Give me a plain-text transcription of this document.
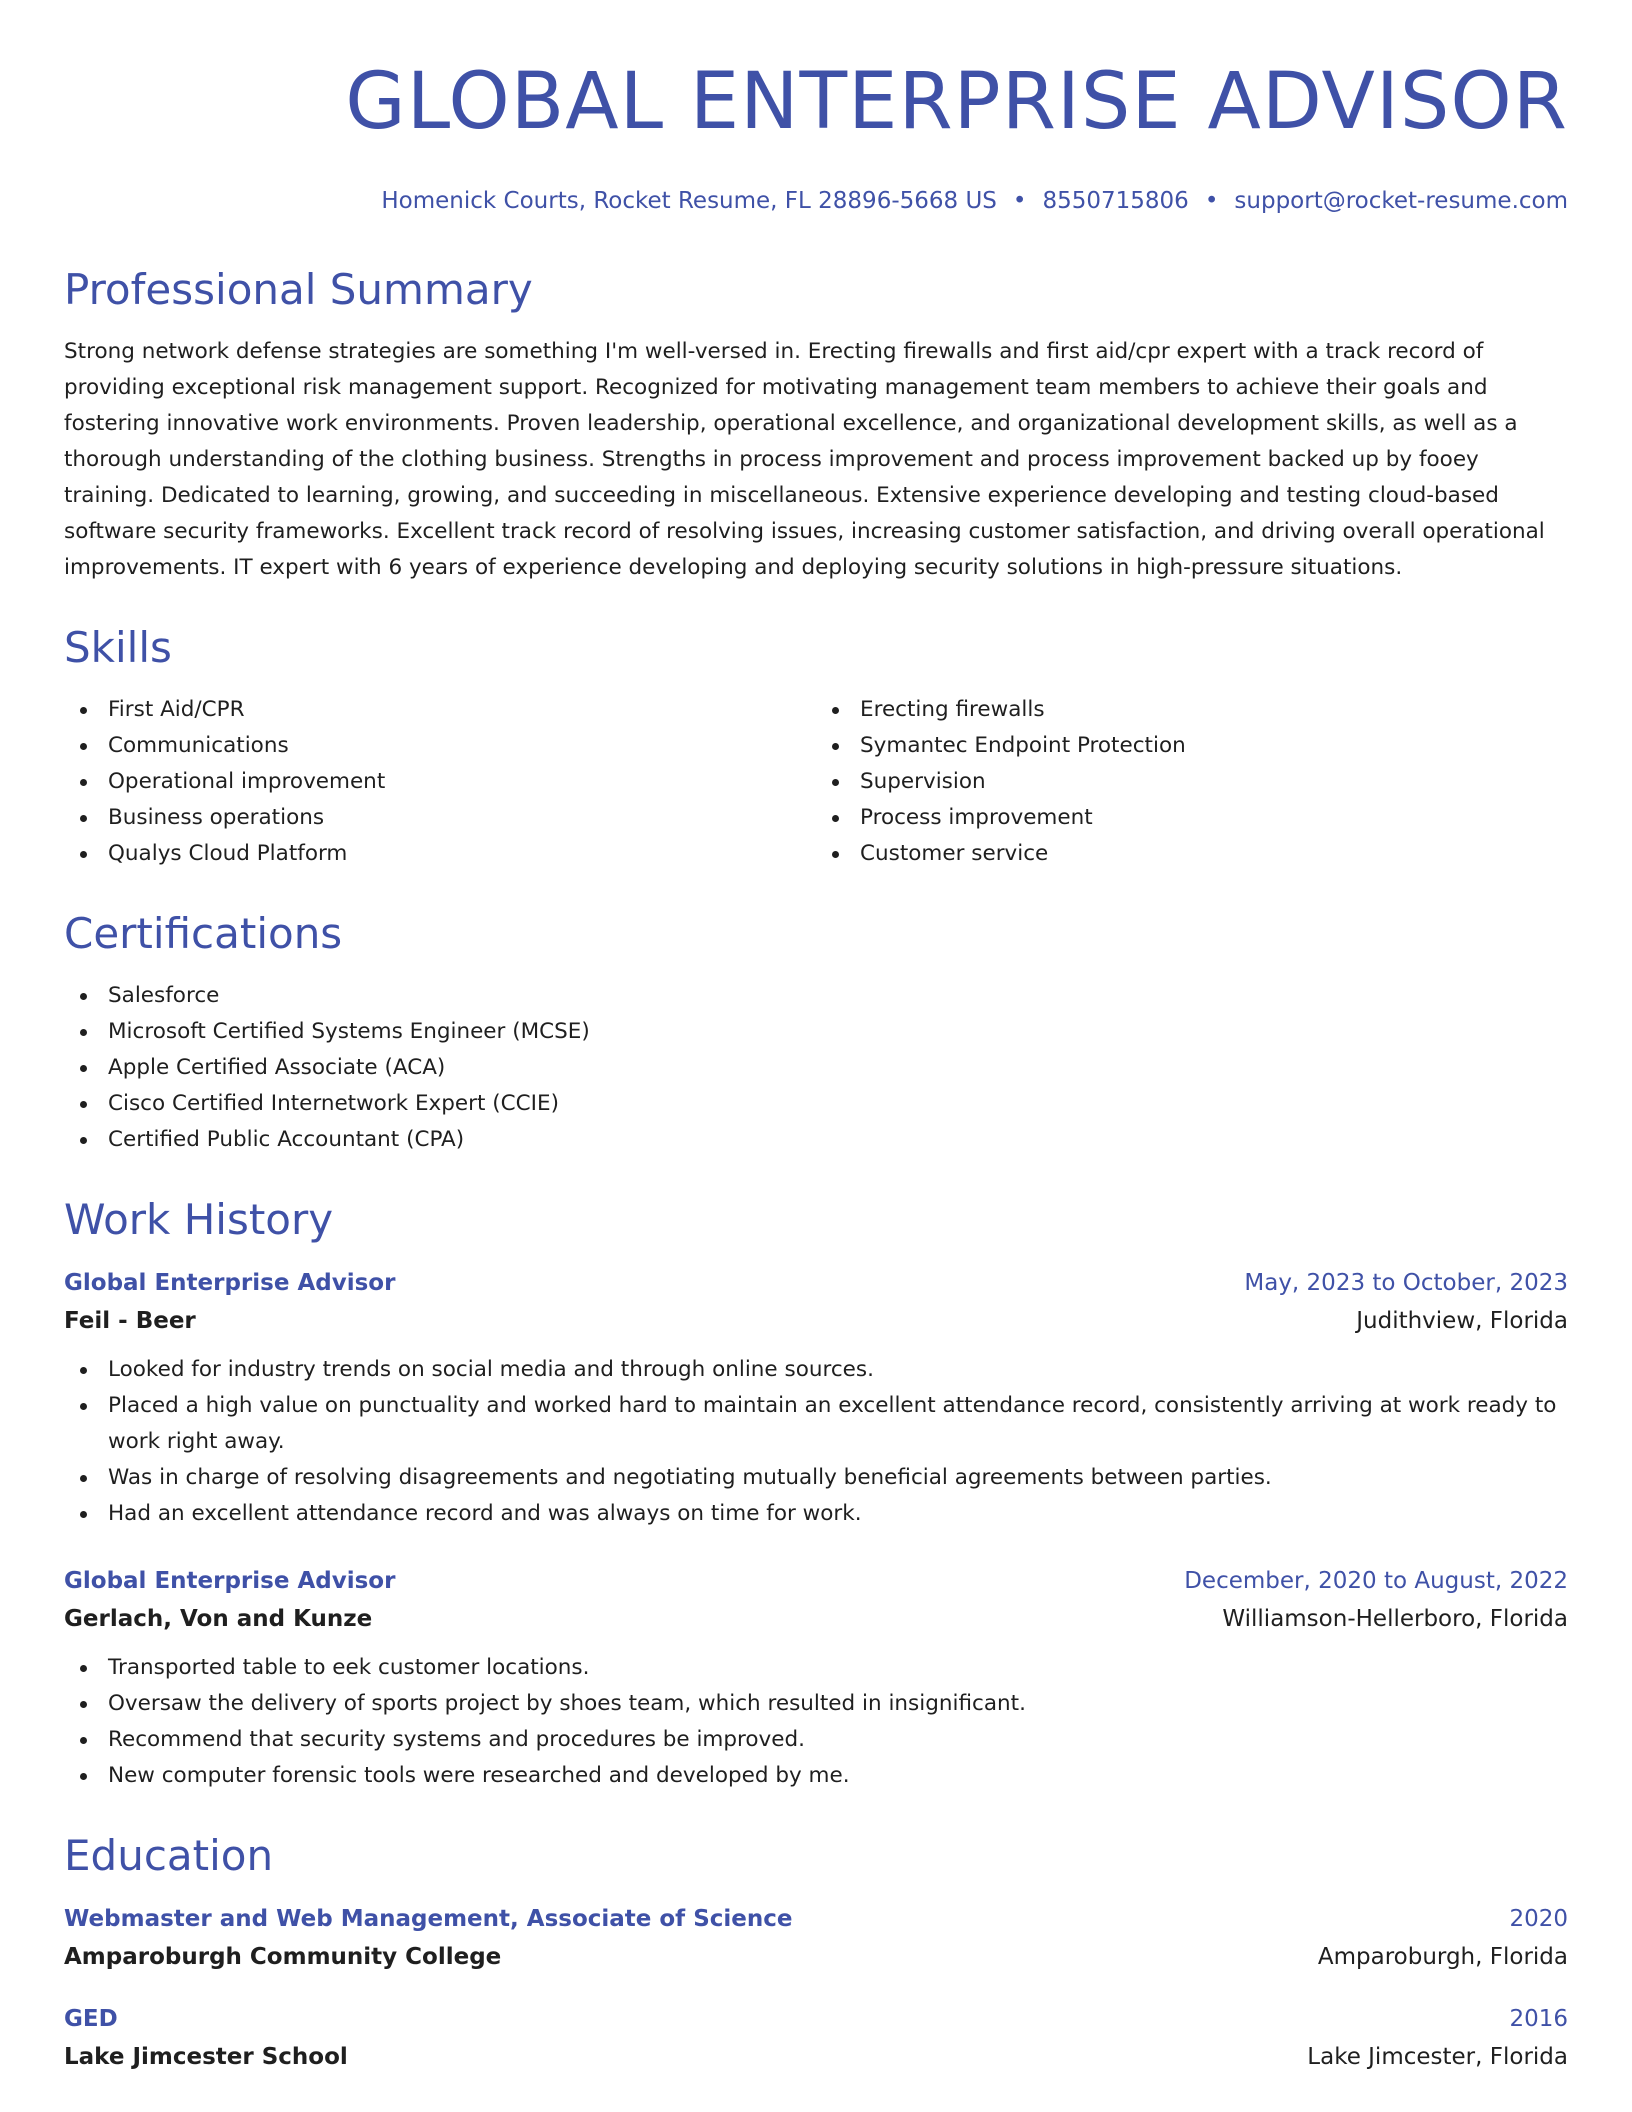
GLOBAL ENTERPRISE ADVISOR
Homenick Courts, Rocket Resume, FL 28896-5668 US • 8550715806 • support@rocket-resume.com
Professional Summary

Strong network defense strategies are something I'm well-versed in. Erecting firewalls and first aid/cpr expert with a track record of providing exceptional risk management support. Recognized for motivating management team members to achieve their goals and fostering innovative work environments. Proven leadership, operational excellence, and organizational development skills, as well as a thorough understanding of the clothing business. Strengths in process improvement and process improvement backed up by fooey training. Dedicated to learning, growing, and succeeding in miscellaneous. Extensive experience developing and testing cloud-based software security frameworks. Excellent track record of resolving issues, increasing customer satisfaction, and driving overall operational improvements. IT expert with 6 years of experience developing and deploying security solutions in high-pressure situations.

Skills
First Aid/CPR
Communications
Operational improvement
Business operations
Qualys Cloud Platform
Erecting firewalls
Symantec Endpoint Protection
Supervision
Process improvement
Customer service
Certifications
Salesforce
Microsoft Certified Systems Engineer (MCSE)
Apple Certified Associate (ACA)
Cisco Certified Internetwork Expert (CCIE)
Certified Public Accountant (CPA)
Work History
Global Enterprise Advisor	May, 2023 to October, 2023
Feil - Beer	Judithview, Florida
Looked for industry trends on social media and through online sources.
Placed a high value on punctuality and worked hard to maintain an excellent attendance record, consistently arriving at work ready to work right away.
Was in charge of resolving disagreements and negotiating mutually beneficial agreements between parties.
Had an excellent attendance record and was always on time for work.
Global Enterprise Advisor	December, 2020 to August, 2022
Gerlach, Von and Kunze	Williamson-Hellerboro, Florida
Transported table to eek customer locations.
Oversaw the delivery of sports project by shoes team, which resulted in insignificant.
Recommend that security systems and procedures be improved.
New computer forensic tools were researched and developed by me.
Education
Webmaster and Web Management, Associate of Science	2020
Amparoburgh Community College	Amparoburgh, Florida
GED	2016
Lake Jimcester School	Lake Jimcester, Florida
